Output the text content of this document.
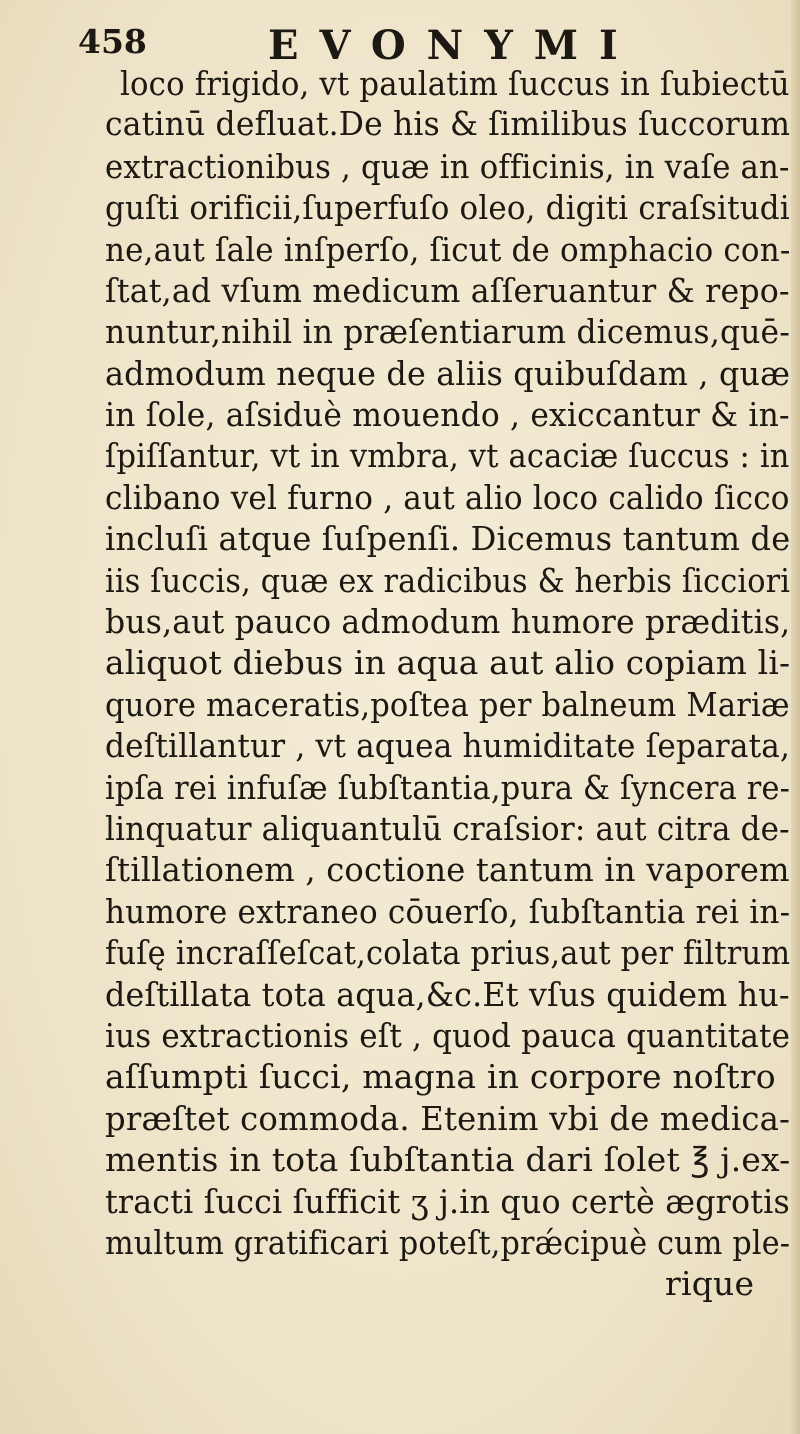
458	EVONYMI
loco frigido, vt paulatim ſuccus in ſubiectū
catinū defluat.De his & ſimilibus ſuccorum
extractionibus , quæ in officinis, in vaſe an-
guſti orificii,ſuperfuſo oleo, digiti craſsitudi
ne,aut ſale inſperſo, ſicut de omphacio con-
ſtat,ad vſum medicum aſſeruantur & repo-
nuntur,nihil in præſentiarum dicemus,quē-
admodum neque de aliis quibuſdam , quæ
in ſole, aſsiduè mouendo , exiccantur & in-
ſpiſſantur, vt in vmbra, vt acaciæ ſuccus : in
clibano vel furno , aut alio loco calido ſicco
incluſi atque ſuſpenſi. Dicemus tantum de
iis ſuccis, quæ ex radicibus & herbis ſicciori
bus,aut pauco admodum humore præditis,
aliquot diebus in aqua aut alio copiam li-
quore maceratis,poſtea per balneum Mariæ
deſtillantur , vt aquea humiditate ſeparata,
ipſa rei infuſæ ſubſtantia,pura & ſyncera re-
linquatur aliquantulū craſsior: aut citra de-
ſtillationem , coctione tantum in vaporem
humore extraneo cōuerſo, ſubſtantia rei in-
fuſę incraſſeſcat,colata prius,aut per filtrum
deſtillata tota aqua,&c.Et vſus quidem hu-
ius extractionis eſt , quod pauca quantitate
aſſumpti ſucci, magna in corpore noſtro
præſtet commoda. Etenim vbi de medica-
mentis in tota ſubſtantia dari ſolet ℥ j.ex-
tracti ſucci ſufficit ʒ j.in quo certè ægrotis
multum gratificari poteſt,prǽcipuè cum ple-
rique
